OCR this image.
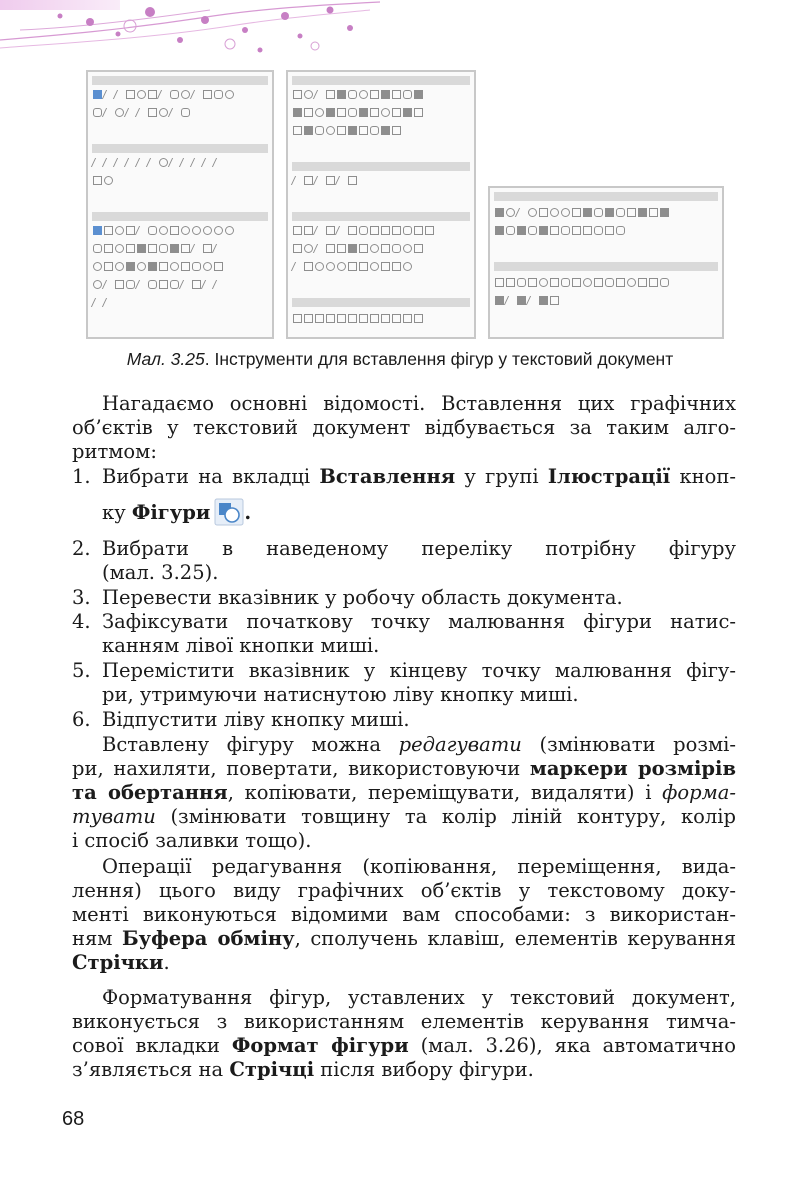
Мал. 3.25. Інструменти для вставлення фігур у текстовий документ
Нагадаємо основні відомості. Вставлення цих графічних
об’єктів у текстовий документ відбувається за таким алго-
ритмом:
1. Вибрати на вкладці Вставлення у групі Ілюстрації кноп-
ку Фігури .
2. Вибрати в наведеному переліку потрібну фігуру
(мал. 3.25).
3. Перевести вказівник у робочу область документа.
4. Зафіксувати початкову точку малювання фігури натис-
канням лівої кнопки миші.
5. Перемістити вказівник у кінцеву точку малювання фігу-
ри, утримуючи натиснутою ліву кнопку миші.
6. Відпустити ліву кнопку миші.
Вставлену фігуру можна редагувати (змінювати розмі-
ри, нахиляти, повертати, використовуючи маркери розмірів
та обертання, копіювати, переміщувати, видаляти) і форма-
тувати (змінювати товщину та колір ліній контуру, колір
і спосіб заливки тощо).
Операції редагування (копіювання, переміщення, вида-
лення) цього виду графічних об’єктів у текстовому доку-
менті виконуються відомими вам способами: з використан-
ням Буфера обміну, сполучень клавіш, елементів керування
Стрічки.
Форматування фігур, уставлених у текстовий документ,
виконується з використанням елементів керування тимча-
сової вкладки Формат фігури (мал. 3.26), яка автоматично
з’являється на Стрічці після вибору фігури.
68
